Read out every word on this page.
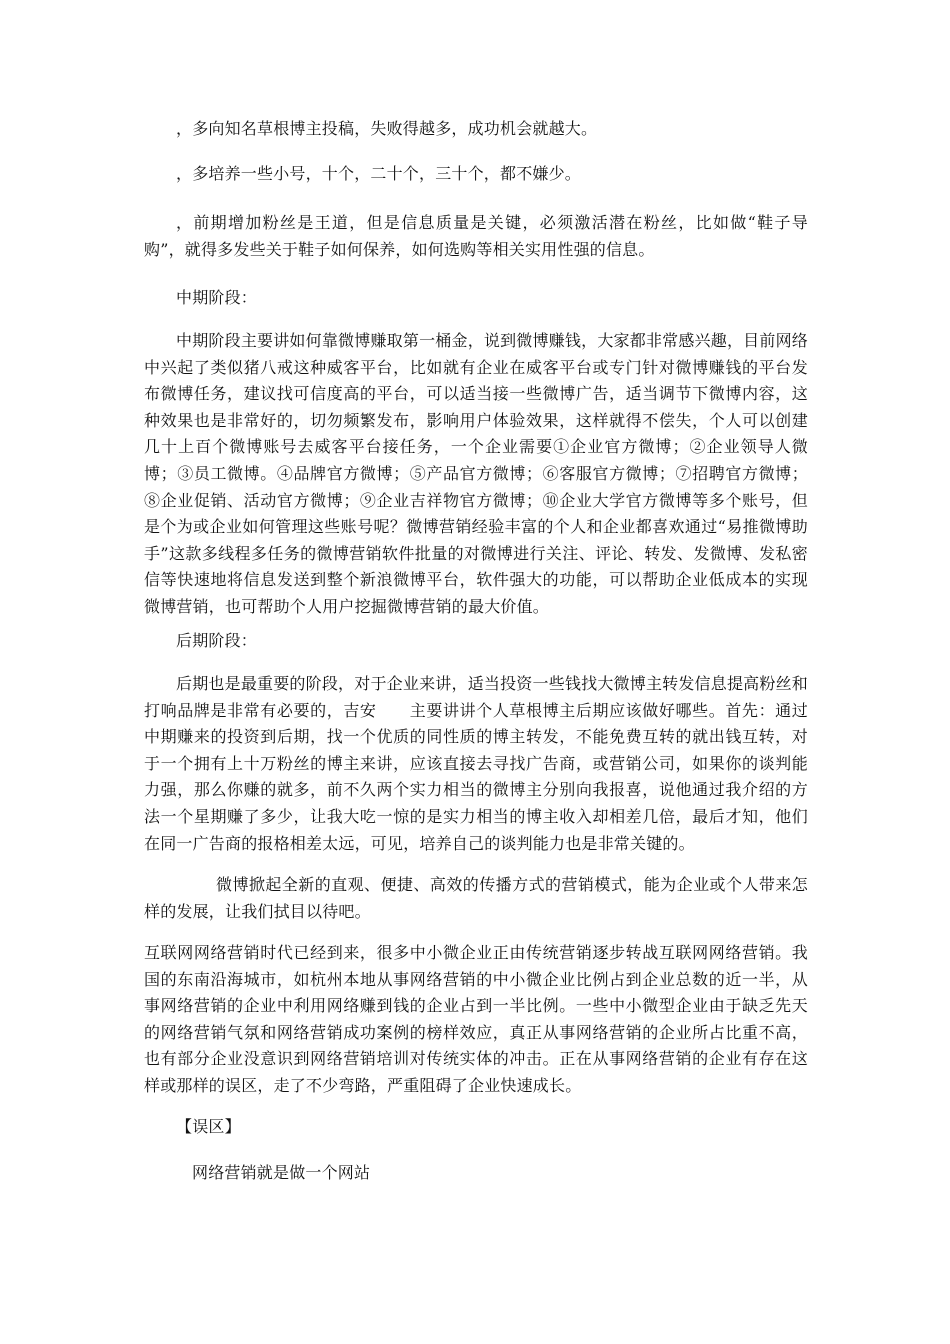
，多向知名草根博主投稿，失败得越多，成功机会就越大。

，多培养一些小号，十个，二十个，三十个，都不嫌少。

，前期增加粉丝是王道，但是信息质量是关键，必须激活潜在粉丝，比如做“鞋子导购”，就得多发些关于鞋子如何保养，如何选购等相关实用性强的信息。

中期阶段：

中期阶段主要讲如何靠微博赚取第一桶金，说到微博赚钱，大家都非常感兴趣，目前网络中兴起了类似猪八戒这种威客平台，比如就有企业在威客平台或专门针对微博赚钱的平台发布微博任务，建议找可信度高的平台，可以适当接一些微博广告，适当调节下微博内容，这种效果也是非常好的，切勿频繁发布，影响用户体验效果，这样就得不偿失，个人可以创建几十上百个微博账号去威客平台接任务，一个企业需要①企业官方微博；②企业领导人微博；③员工微博。④品牌官方微博；⑤产品官方微博；⑥客服官方微博；⑦招聘官方微博；⑧企业促销、活动官方微博；⑨企业吉祥物官方微博；⑩企业大学官方微博等多个账号，但是个为或企业如何管理这些账号呢？微博营销经验丰富的个人和企业都喜欢通过“易推微博助手”这款多线程多任务的微博营销软件批量的对微博进行关注、评论、转发、发微博、发私密信等快速地将信息发送到整个新浪微博平台，软件强大的功能，可以帮助企业低成本的实现微博营销，也可帮助个人用户挖掘微博营销的最大价值。

后期阶段：

后期也是最重要的阶段，对于企业来讲，适当投资一些钱找大微博主转发信息提高粉丝和打响品牌是非常有必要的，吉安　　主要讲讲个人草根博主后期应该做好哪些。首先：通过中期赚来的投资到后期，找一个优质的同性质的博主转发，不能免费互转的就出钱互转，对于一个拥有上十万粉丝的博主来讲，应该直接去寻找广告商，或营销公司，如果你的谈判能力强，那么你赚的就多，前不久两个实力相当的微博主分别向我报喜，说他通过我介绍的方法一个星期赚了多少，让我大吃一惊的是实力相当的博主收入却相差几倍，最后才知，他们在同一广告商的报格相差太远，可见，培养自己的谈判能力也是非常关键的。

微博掀起全新的直观、便捷、高效的传播方式的营销模式，能为企业或个人带来怎样的发展，让我们拭目以待吧。

互联网网络营销时代已经到来，很多中小微企业正由传统营销逐步转战互联网网络营销。我国的东南沿海城市，如杭州本地从事网络营销的中小微企业比例占到企业总数的近一半，从事网络营销的企业中利用网络赚到钱的企业占到一半比例。一些中小微型企业由于缺乏先天的网络营销气氛和网络营销成功案例的榜样效应，真正从事网络营销的企业所占比重不高，也有部分企业没意识到网络营销培训对传统实体的冲击。正在从事网络营销的企业有存在这样或那样的误区，走了不少弯路，严重阻碍了企业快速成长。

【误区】

网络营销就是做一个网站
